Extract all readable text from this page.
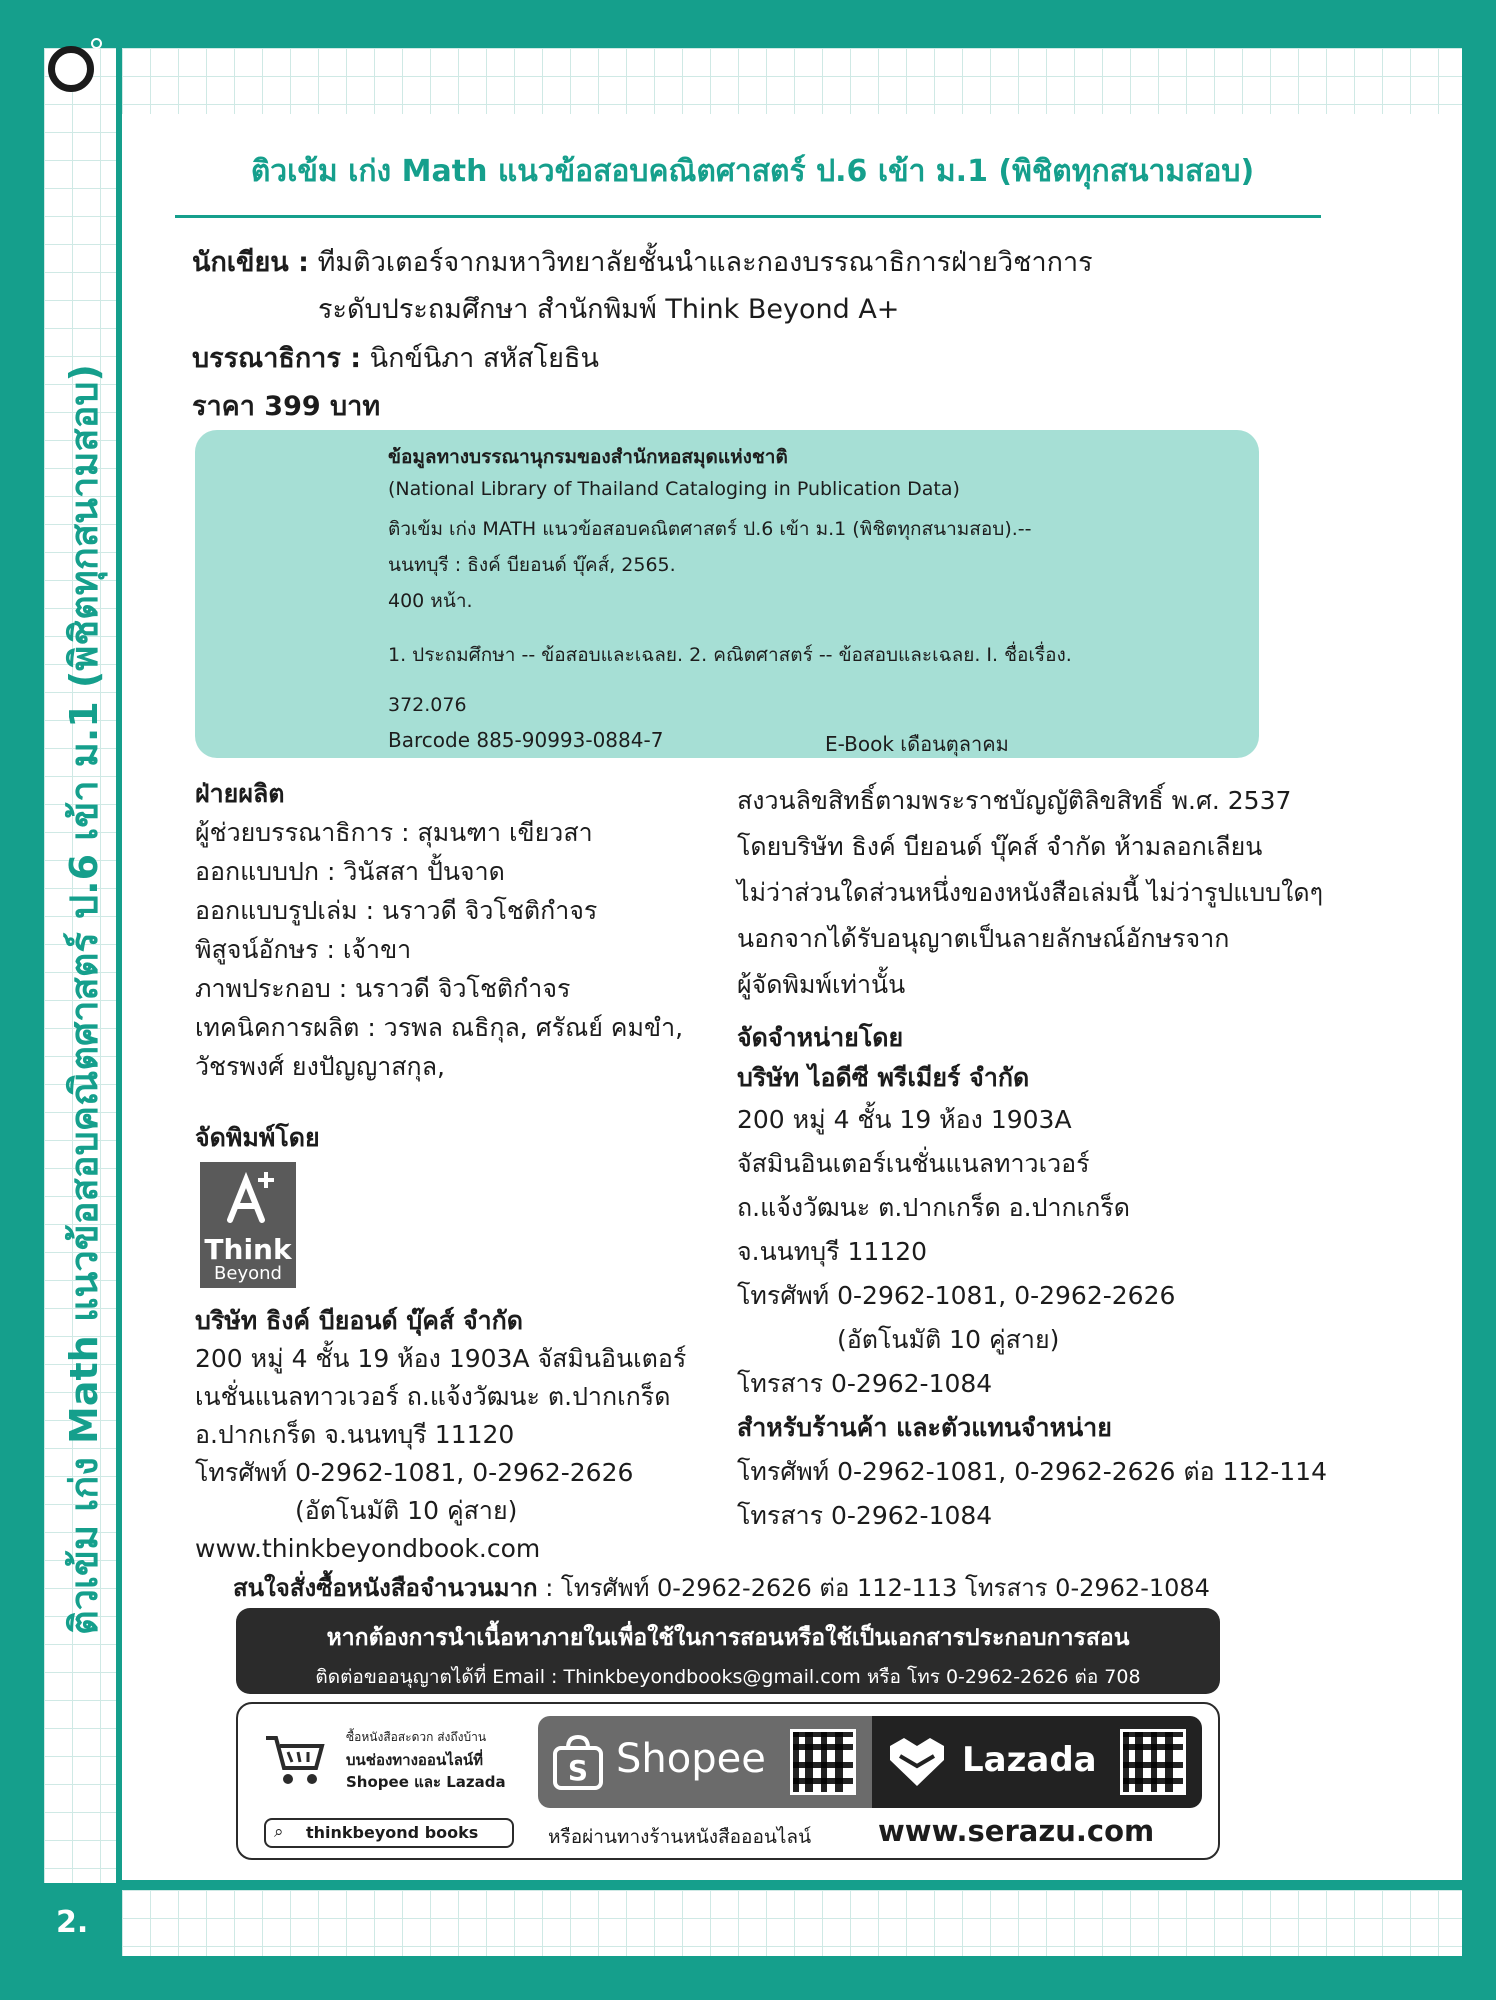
ติวเข้ม เก่ง Math แนวข้อสอบคณิตศาสตร์ ป.6 เข้า ม.1 (พิชิตทุกสนามสอบ)
2.
ติวเข้ม เก่ง Math แนวข้อสอบคณิตศาสตร์ ป.6 เข้า ม.1 (พิชิตทุกสนามสอบ)
นักเขียน : ทีมติวเตอร์จากมหาวิทยาลัยชั้นนำและกองบรรณาธิการฝ่ายวิชาการ
ระดับประถมศึกษา สำนักพิมพ์ Think Beyond A+
บรรณาธิการ : นิกข์นิภา สหัสโยธิน
ราคา 399 บาท
ข้อมูลทางบรรณานุกรมของสำนักหอสมุดแห่งชาติ
(National Library of Thailand Cataloging in Publication Data)
ติวเข้ม เก่ง MATH แนวข้อสอบคณิตศาสตร์ ป.6 เข้า ม.1 (พิชิตทุกสนามสอบ).--
นนทบุรี : ธิงค์ บียอนด์ บุ๊คส์, 2565.
400 หน้า.
1. ประถมศึกษา -- ข้อสอบและเฉลย. 2. คณิตศาสตร์ -- ข้อสอบและเฉลย. I. ชื่อเรื่อง.
372.076
Barcode 885-90993-0884-7	E-Book เดือนตุลาคม
ฝ่ายผลิต
ผู้ช่วยบรรณาธิการ : สุมนฑา เขียวสา
ออกแบบปก : วินัสสา ปั้นจาด
ออกแบบรูปเล่ม : นราวดี จิวโชติกำจร
พิสูจน์อักษร : เจ้าขา
ภาพประกอบ : นราวดี จิวโชติกำจร
เทคนิคการผลิต : วรพล ณธิกุล, ศรัณย์ คมขำ,
วัชรพงศ์ ยงปัญญาสกุล,
จัดพิมพ์โดย
Think
Beyond
บริษัท ธิงค์ บียอนด์ บุ๊คส์ จำกัด
200 หมู่ 4 ชั้น 19 ห้อง 1903A จัสมินอินเตอร์
เนชั่นแนลทาวเวอร์ ถ.แจ้งวัฒนะ ต.ปากเกร็ด
อ.ปากเกร็ด จ.นนทบุรี 11120
โทรศัพท์ 0-2962-1081, 0-2962-2626
(อัตโนมัติ 10 คู่สาย)
www.thinkbeyondbook.com
สงวนลิขสิทธิ์ตามพระราชบัญญัติลิขสิทธิ์ พ.ศ. 2537
โดยบริษัท ธิงค์ บียอนด์ บุ๊คส์ จำกัด ห้ามลอกเลียน
ไม่ว่าส่วนใดส่วนหนึ่งของหนังสือเล่มนี้ ไม่ว่ารูปแบบใดๆ
นอกจากได้รับอนุญาตเป็นลายลักษณ์อักษรจาก
ผู้จัดพิมพ์เท่านั้น
จัดจำหน่ายโดย
บริษัท ไอดีซี พรีเมียร์ จำกัด
200 หมู่ 4 ชั้น 19 ห้อง 1903A
จัสมินอินเตอร์เนชั่นแนลทาวเวอร์
ถ.แจ้งวัฒนะ ต.ปากเกร็ด อ.ปากเกร็ด
จ.นนทบุรี 11120
โทรศัพท์ 0-2962-1081, 0-2962-2626
(อัตโนมัติ 10 คู่สาย)
โทรสาร 0-2962-1084
สำหรับร้านค้า และตัวแทนจำหน่าย
โทรศัพท์ 0-2962-1081, 0-2962-2626 ต่อ 112-114
โทรสาร 0-2962-1084
สนใจสั่งซื้อหนังสือจำนวนมาก : โทรศัพท์ 0-2962-2626 ต่อ 112-113 โทรสาร 0-2962-1084
หากต้องการนำเนื้อหาภายในเพื่อใช้ในการสอนหรือใช้เป็นเอกสารประกอบการสอน
ติดต่อขออนุญาตได้ที่ Email : Thinkbeyondbooks@gmail.com หรือ โทร 0-2962-2626 ต่อ 708
ซื้อหนังสือสะดวก ส่งถึงบ้าน
บนช่องทางออนไลน์ที่
Shopee และ Lazada
⌕ thinkbeyond books
S Shopee	Lazada
หรือผ่านทางร้านหนังสือออนไลน์ www.serazu.com
